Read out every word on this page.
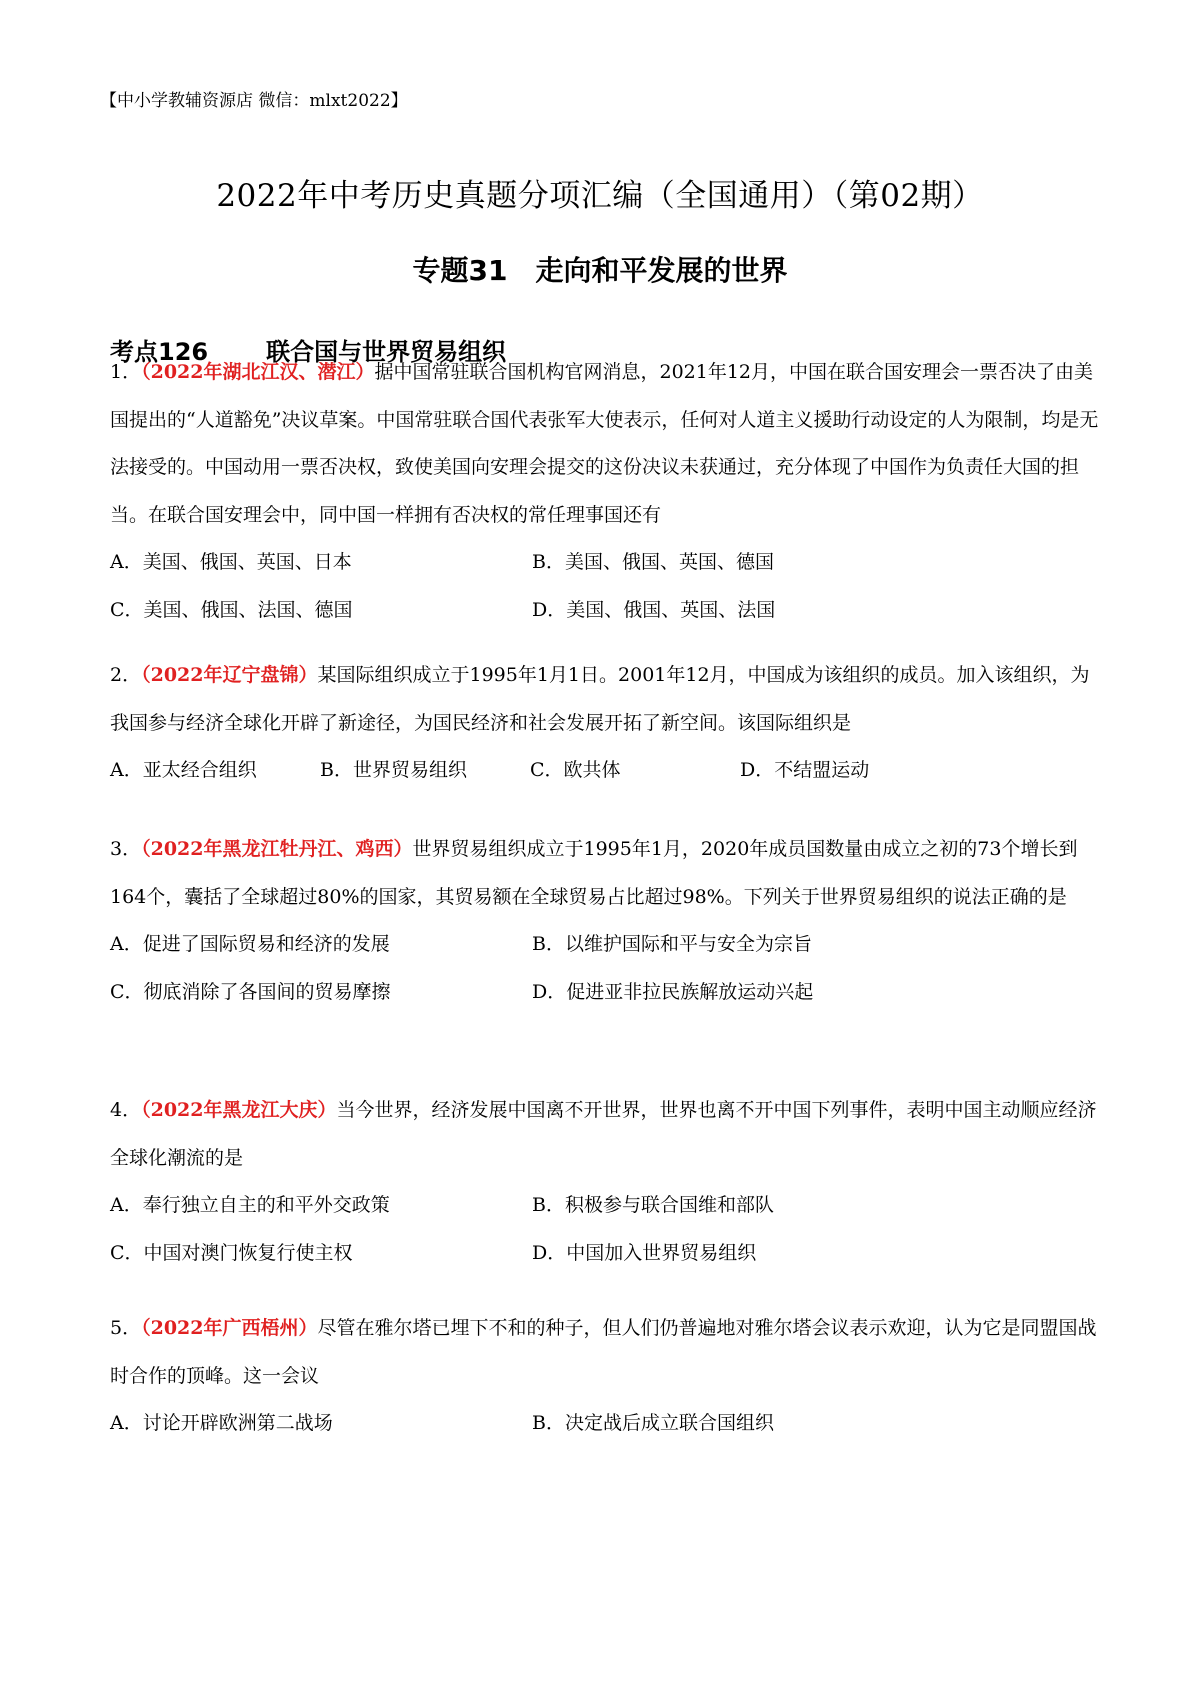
【中小学教辅资源店 微信：mlxt2022】
2022年中考历史真题分项汇编（全国通用）（第02期）
专题31　走向和平发展的世界
考点126 联合国与世界贸易组织

1．（2022年湖北江汉、潜江）据中国常驻联合国机构官网消息，2021年12月，中国在联合国安理会一票否决了由美国提出的“人道豁免”决议草案。中国常驻联合国代表张军大使表示，任何对人道主义援助行动设定的人为限制，均是无法接受的。中国动用一票否决权，致使美国向安理会提交的这份决议未获通过，充分体现了中国作为负责任大国的担当。在联合国安理会中，同中国一样拥有否决权的常任理事国还有

A．美国、俄国、英国、日本	B．美国、俄国、英国、德国
C．美国、俄国、法国、德国	D．美国、俄国、英国、法国

2．（2022年辽宁盘锦）某国际组织成立于1995年1月1日。2001年12月，中国成为该组织的成员。加入该组织，为我国参与经济全球化开辟了新途径，为国民经济和社会发展开拓了新空间。该国际组织是

A．亚太经合组织	B．世界贸易组织	C．欧共体	D．不结盟运动

3．（2022年黑龙江牡丹江、鸡西）世界贸易组织成立于1995年1月，2020年成员国数量由成立之初的73个增长到164个，囊括了全球超过80%的国家，其贸易额在全球贸易占比超过98%。下列关于世界贸易组织的说法正确的是

A．促进了国际贸易和经济的发展	B．以维护国际和平与安全为宗旨
C．彻底消除了各国间的贸易摩擦	D．促进亚非拉民族解放运动兴起

4．（2022年黑龙江大庆）当今世界，经济发展中国离不开世界，世界也离不开中国下列事件，表明中国主动顺应经济全球化潮流的是

A．奉行独立自主的和平外交政策	B．积极参与联合国维和部队
C．中国对澳门恢复行使主权	D．中国加入世界贸易组织

5．（2022年广西梧州）尽管在雅尔塔已埋下不和的种子，但人们仍普遍地对雅尔塔会议表示欢迎，认为它是同盟国战时合作的顶峰。这一会议

A．讨论开辟欧洲第二战场	B．决定战后成立联合国组织
